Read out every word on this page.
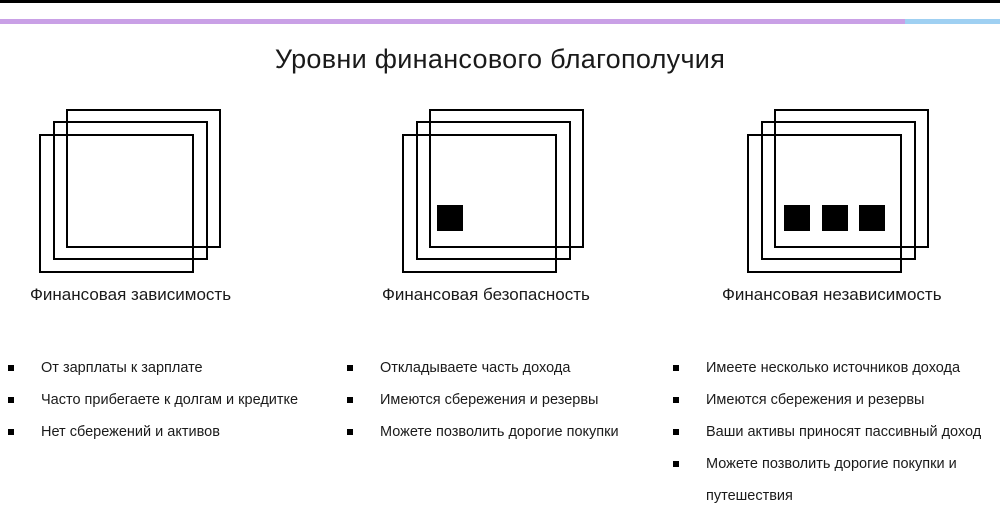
Уровни финансового благополучия
Финансовая зависимость
От зарплаты к зарплате
Часто прибегаете к долгам и кредитке
Нет сбережений и активов
Финансовая безопасность
Откладываете часть дохода
Имеются сбережения и резервы
Можете позволить дорогие покупки
Финансовая независимость
Имеете несколько источников дохода
Имеются сбережения и резервы
Ваши активы приносят пассивный доход
Можете позволить дорогие покупки и путешествия
